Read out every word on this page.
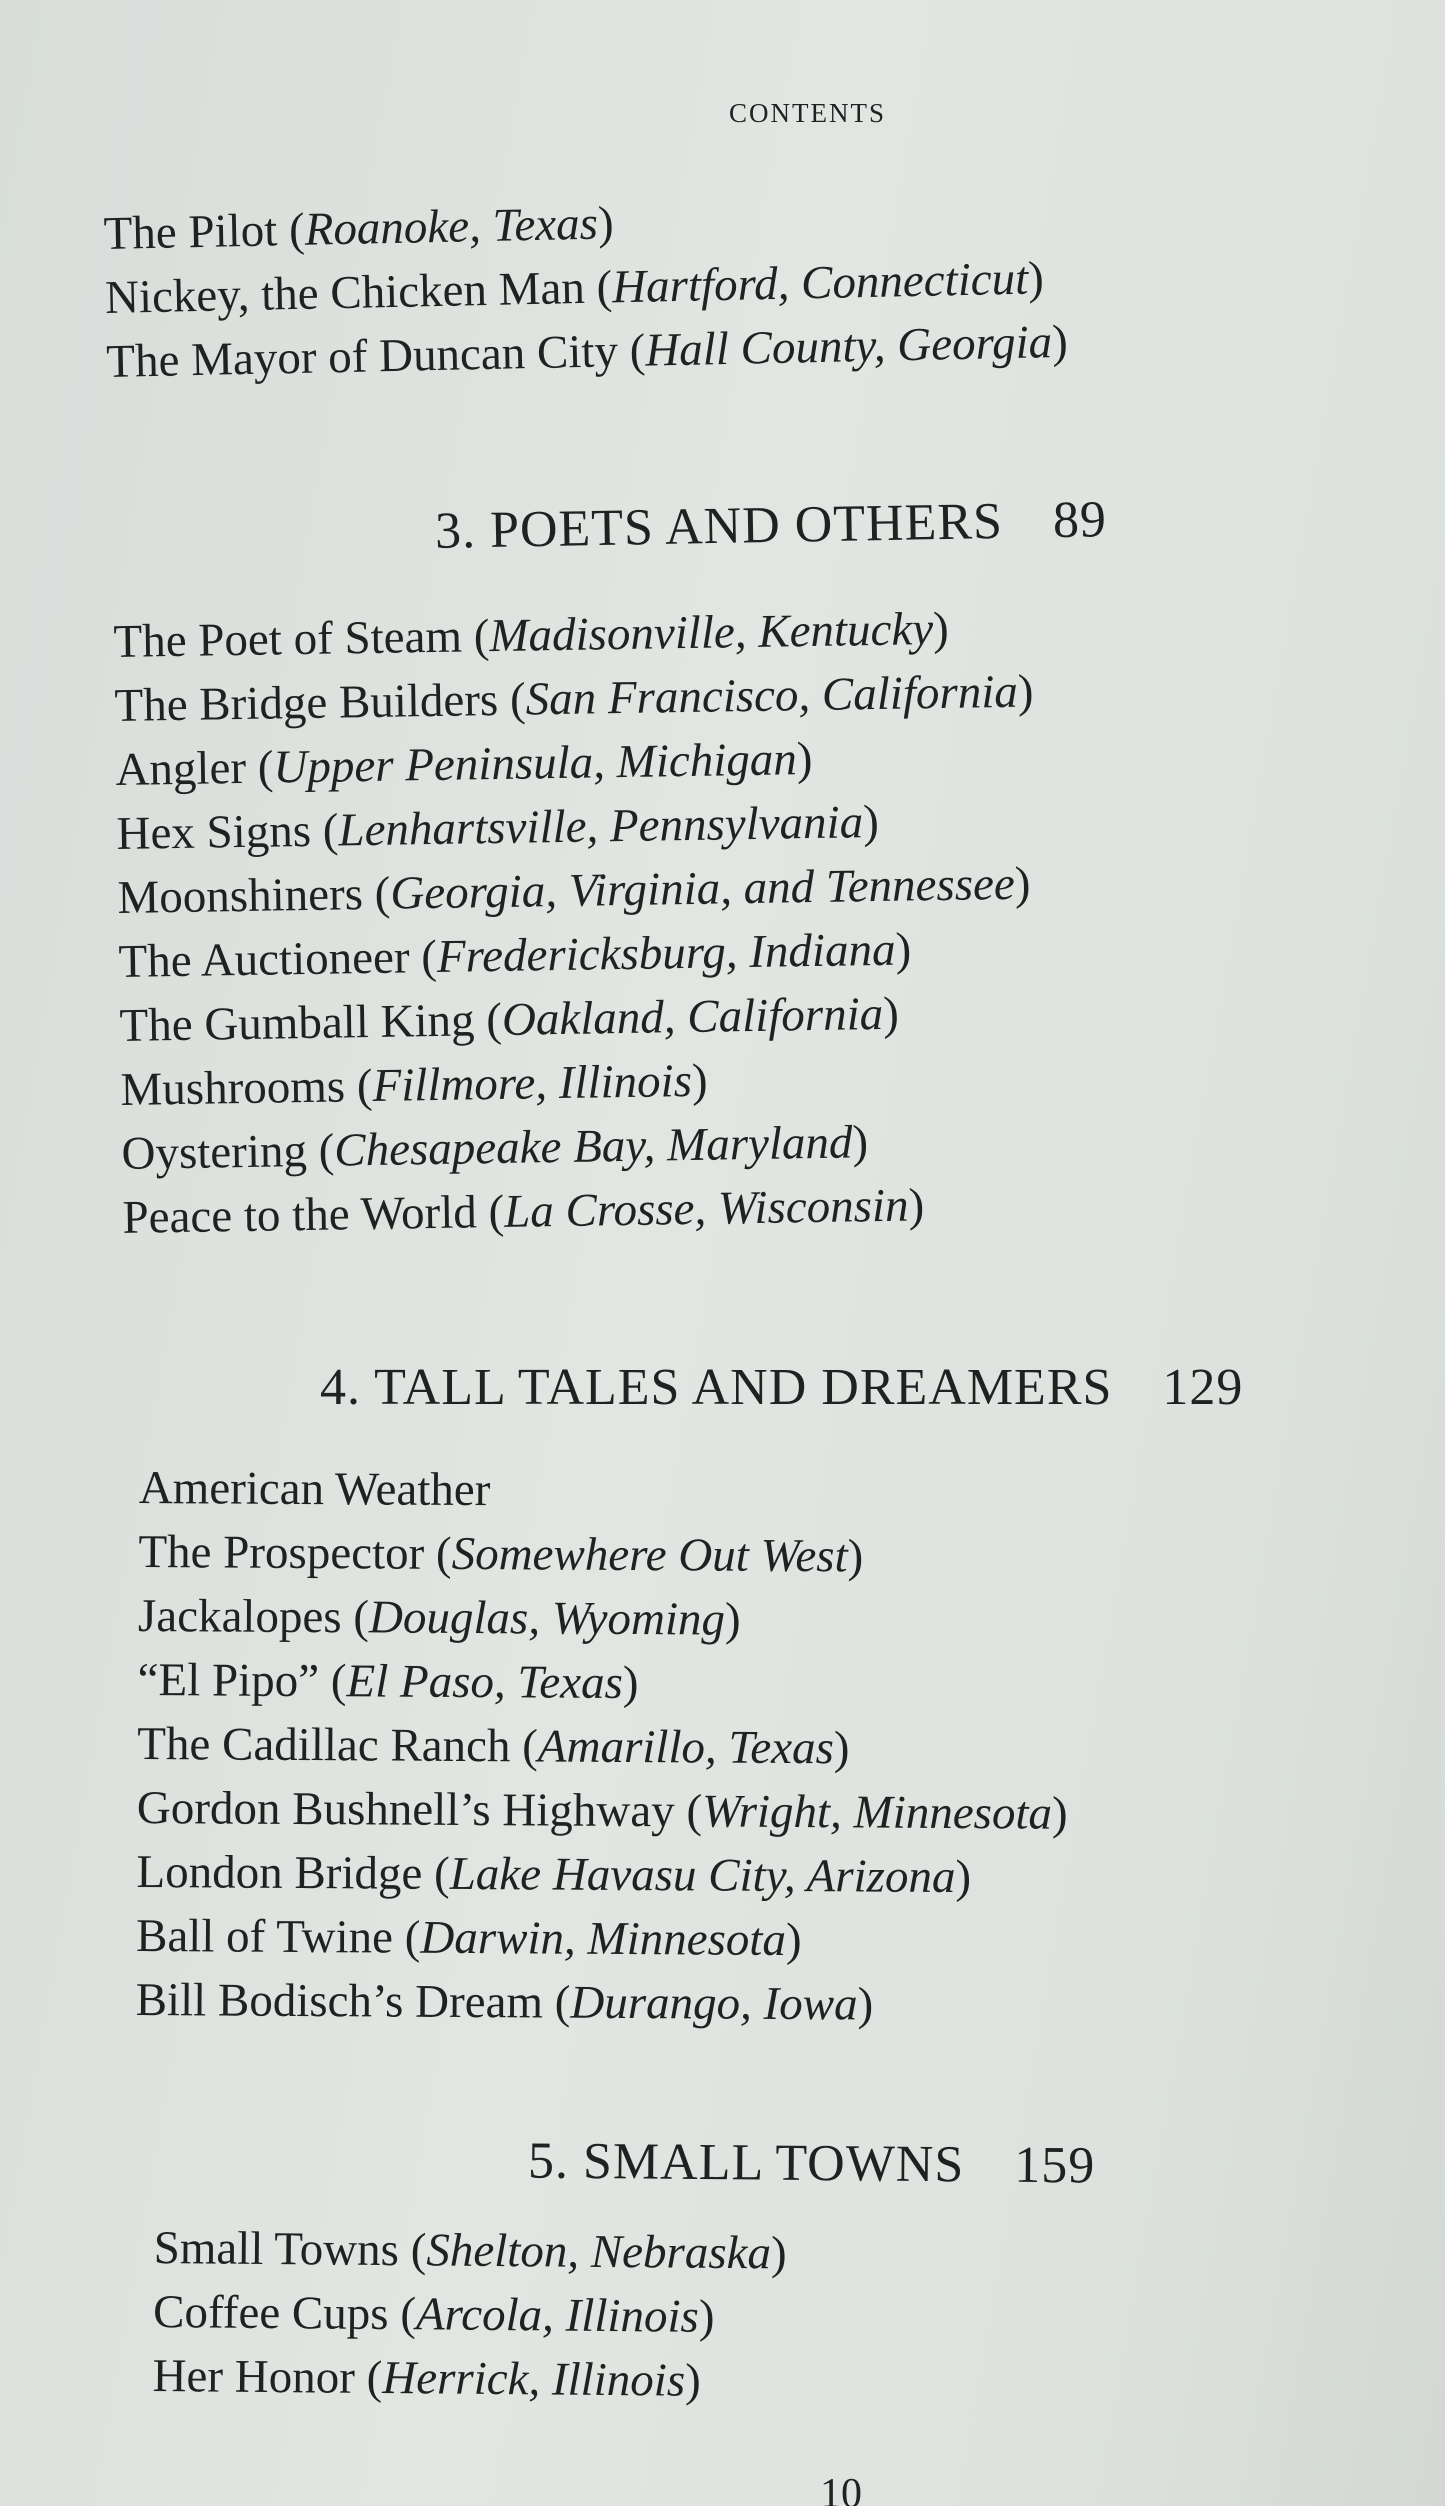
contents
The Pilot (Roanoke, Texas)
Nickey, the Chicken Man (Hartford, Connecticut)
The Mayor of Duncan City (Hall County, Georgia)
3. POETS AND OTHERS 89
The Poet of Steam (Madisonville, Kentucky)
The Bridge Builders (San Francisco, California)
Angler (Upper Peninsula, Michigan)
Hex Signs (Lenhartsville, Pennsylvania)
Moonshiners (Georgia, Virginia, and Tennessee)
The Auctioneer (Fredericksburg, Indiana)
The Gumball King (Oakland, California)
Mushrooms (Fillmore, Illinois)
Oystering (Chesapeake Bay, Maryland)
Peace to the World (La Crosse, Wisconsin)
4. TALL TALES AND DREAMERS 129
American Weather
The Prospector (Somewhere Out West)
Jackalopes (Douglas, Wyoming)
“El Pipo” (El Paso, Texas)
The Cadillac Ranch (Amarillo, Texas)
Gordon Bushnell’s Highway (Wright, Minnesota)
London Bridge (Lake Havasu City, Arizona)
Ball of Twine (Darwin, Minnesota)
Bill Bodisch’s Dream (Durango, Iowa)
5. SMALL TOWNS 159
Small Towns (Shelton, Nebraska)
Coffee Cups (Arcola, Illinois)
Her Honor (Herrick, Illinois)
10
